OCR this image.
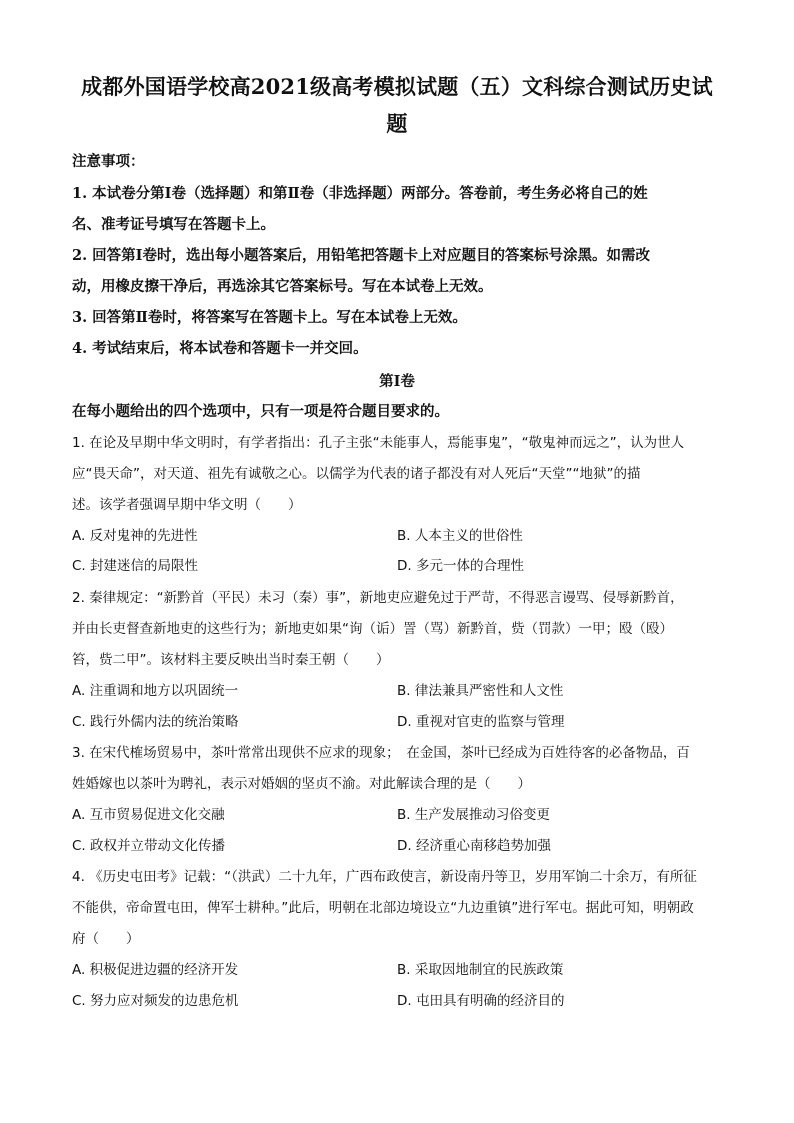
成都外国语学校高2021级高考模拟试题（五）文科综合测试历史试
题
注意事项：
1. 本试卷分第Ⅰ卷（选择题）和第Ⅱ卷（非选择题）两部分。答卷前，考生务必将自己的姓
名、准考证号填写在答题卡上。
2. 回答第Ⅰ卷时，选出每小题答案后，用铅笔把答题卡上对应题目的答案标号涂黑。如需改
动，用橡皮擦干净后，再选涂其它答案标号。写在本试卷上无效。
3. 回答第Ⅱ卷时，将答案写在答题卡上。写在本试卷上无效。
4. 考试结束后，将本试卷和答题卡一并交回。
第Ⅰ卷
在每小题给出的四个选项中，只有一项是符合题目要求的。
1. 在论及早期中华文明时，有学者指出：孔子主张“未能事人，焉能事鬼”，“敬鬼神而远之”，认为世人
应“畏天命”，对天道、祖先有诚敬之心。以儒学为代表的诸子都没有对人死后“天堂”“地狱”的描
述。该学者强调早期中华文明（　　）
A. 反对鬼神的先进性	B. 人本主义的世俗性
C. 封建迷信的局限性	D. 多元一体的合理性
2. 秦律规定：“新黔首（平民）未习（秦）事”，新地吏应避免过于严苛，不得恶言谩骂、侵辱新黔首，
并由长吏督查新地吏的这些行为；新地吏如果“询（诟）詈（骂）新黔首，赀（罚款）一甲；殴（殴）
笞，赀二甲”。该材料主要反映出当时秦王朝（　　）
A. 注重调和地方以巩固统一	B. 律法兼具严密性和人文性
C. 践行外儒内法的统治策略	D. 重视对官吏的监察与管理
3. 在宋代榷场贸易中，茶叶常常出现供不应求的现象；　在金国，茶叶已经成为百姓待客的必备物品，百
姓婚嫁也以茶叶为聘礼，表示对婚姻的坚贞不渝。对此解读合理的是（　　）
A. 互市贸易促进文化交融	B. 生产发展推动习俗变更
C. 政权并立带动文化传播	D. 经济重心南移趋势加强
4. 《历史屯田考》记载：“（洪武）二十九年，广西布政使言，新设南丹等卫，岁用军饷二十余万，有所征
不能供，帝命置屯田，俾军士耕种。”此后，明朝在北部边境设立“九边重镇”进行军屯。据此可知，明朝政
府（　　）
A. 积极促进边疆的经济开发	B. 采取因地制宜的民族政策
C. 努力应对频发的边患危机	D. 屯田具有明确的经济目的
